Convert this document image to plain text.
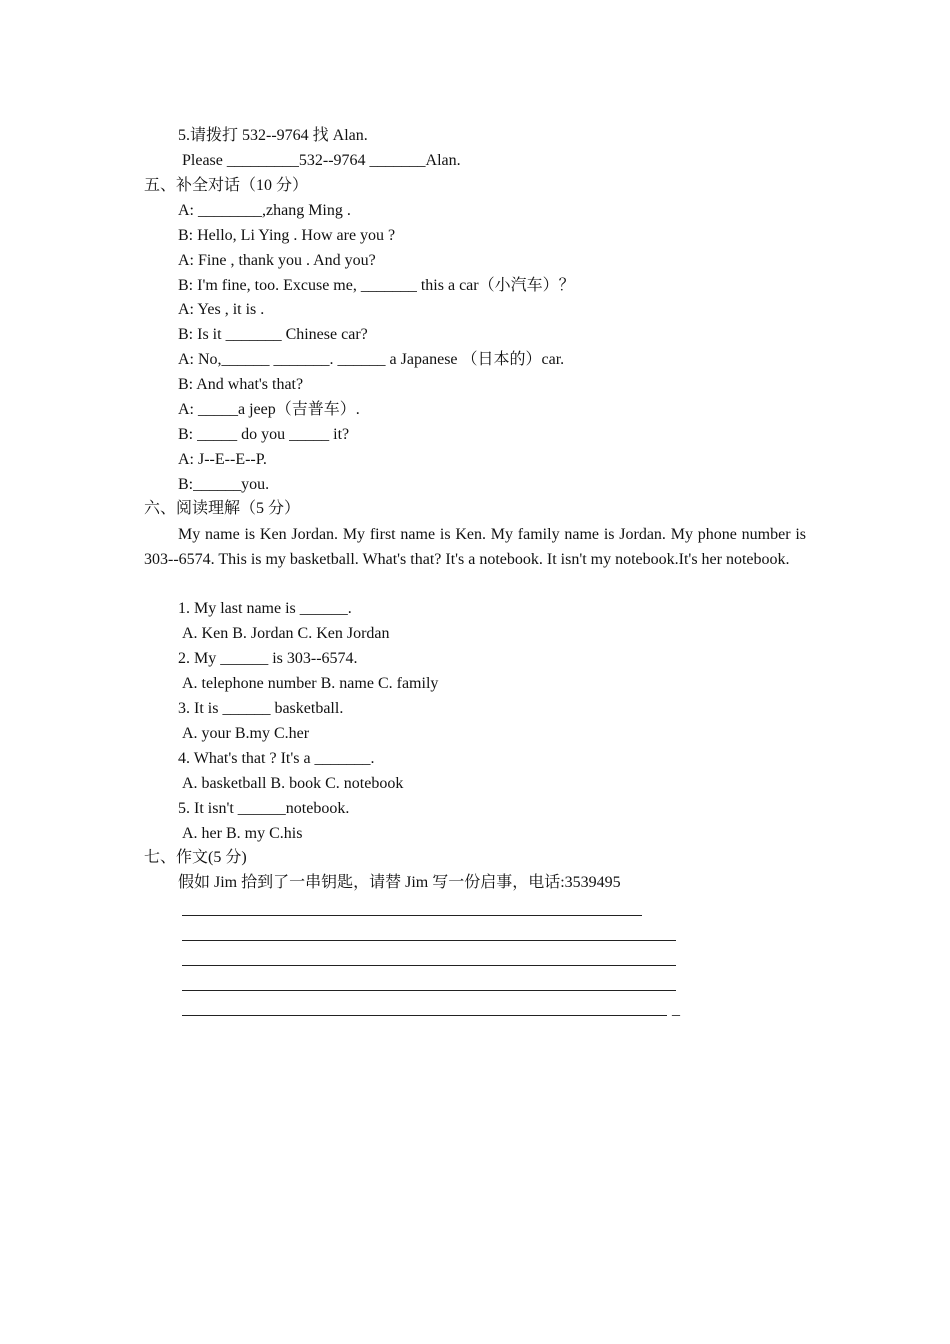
5.请拨打 532--9764 找 Alan.
Please _________532--9764 _______Alan.
五、补全对话（10 分）
A: ________,zhang Ming .
B: Hello, Li Ying . How are you ?
A: Fine , thank you . And you?
B: I'm fine, too. Excuse me, _______ this a car（小汽车）？
A: Yes , it is .
B: Is it _______ Chinese car?
A: No,______ _______. ______ a Japanese （日本的）car.
B: And what's that?
A: _____a jeep（吉普车）.
B: _____ do you _____ it?
A: J--E--E--P.
B:______you.
六、阅读理解（5 分）
My name is Ken Jordan. My first name is Ken. My family name is Jordan. My phone number is 303--6574. This is my basketball. What's that? It's a notebook. It isn't my notebook.It's her notebook.
1. My last name is ______.
A. Ken B. Jordan C. Ken Jordan
2. My ______ is 303--6574.
A. telephone number B. name C. family
3. It is ______ basketball.
A. your B.my C.her
4. What's that ? It's a _______.
A. basketball B. book C. notebook
5. It isn't ______notebook.
A. her B. my C.his
七、作文(5 分)
假如 Jim 拾到了一串钥匙，请替 Jim 写一份启事，电话:3539495
_
